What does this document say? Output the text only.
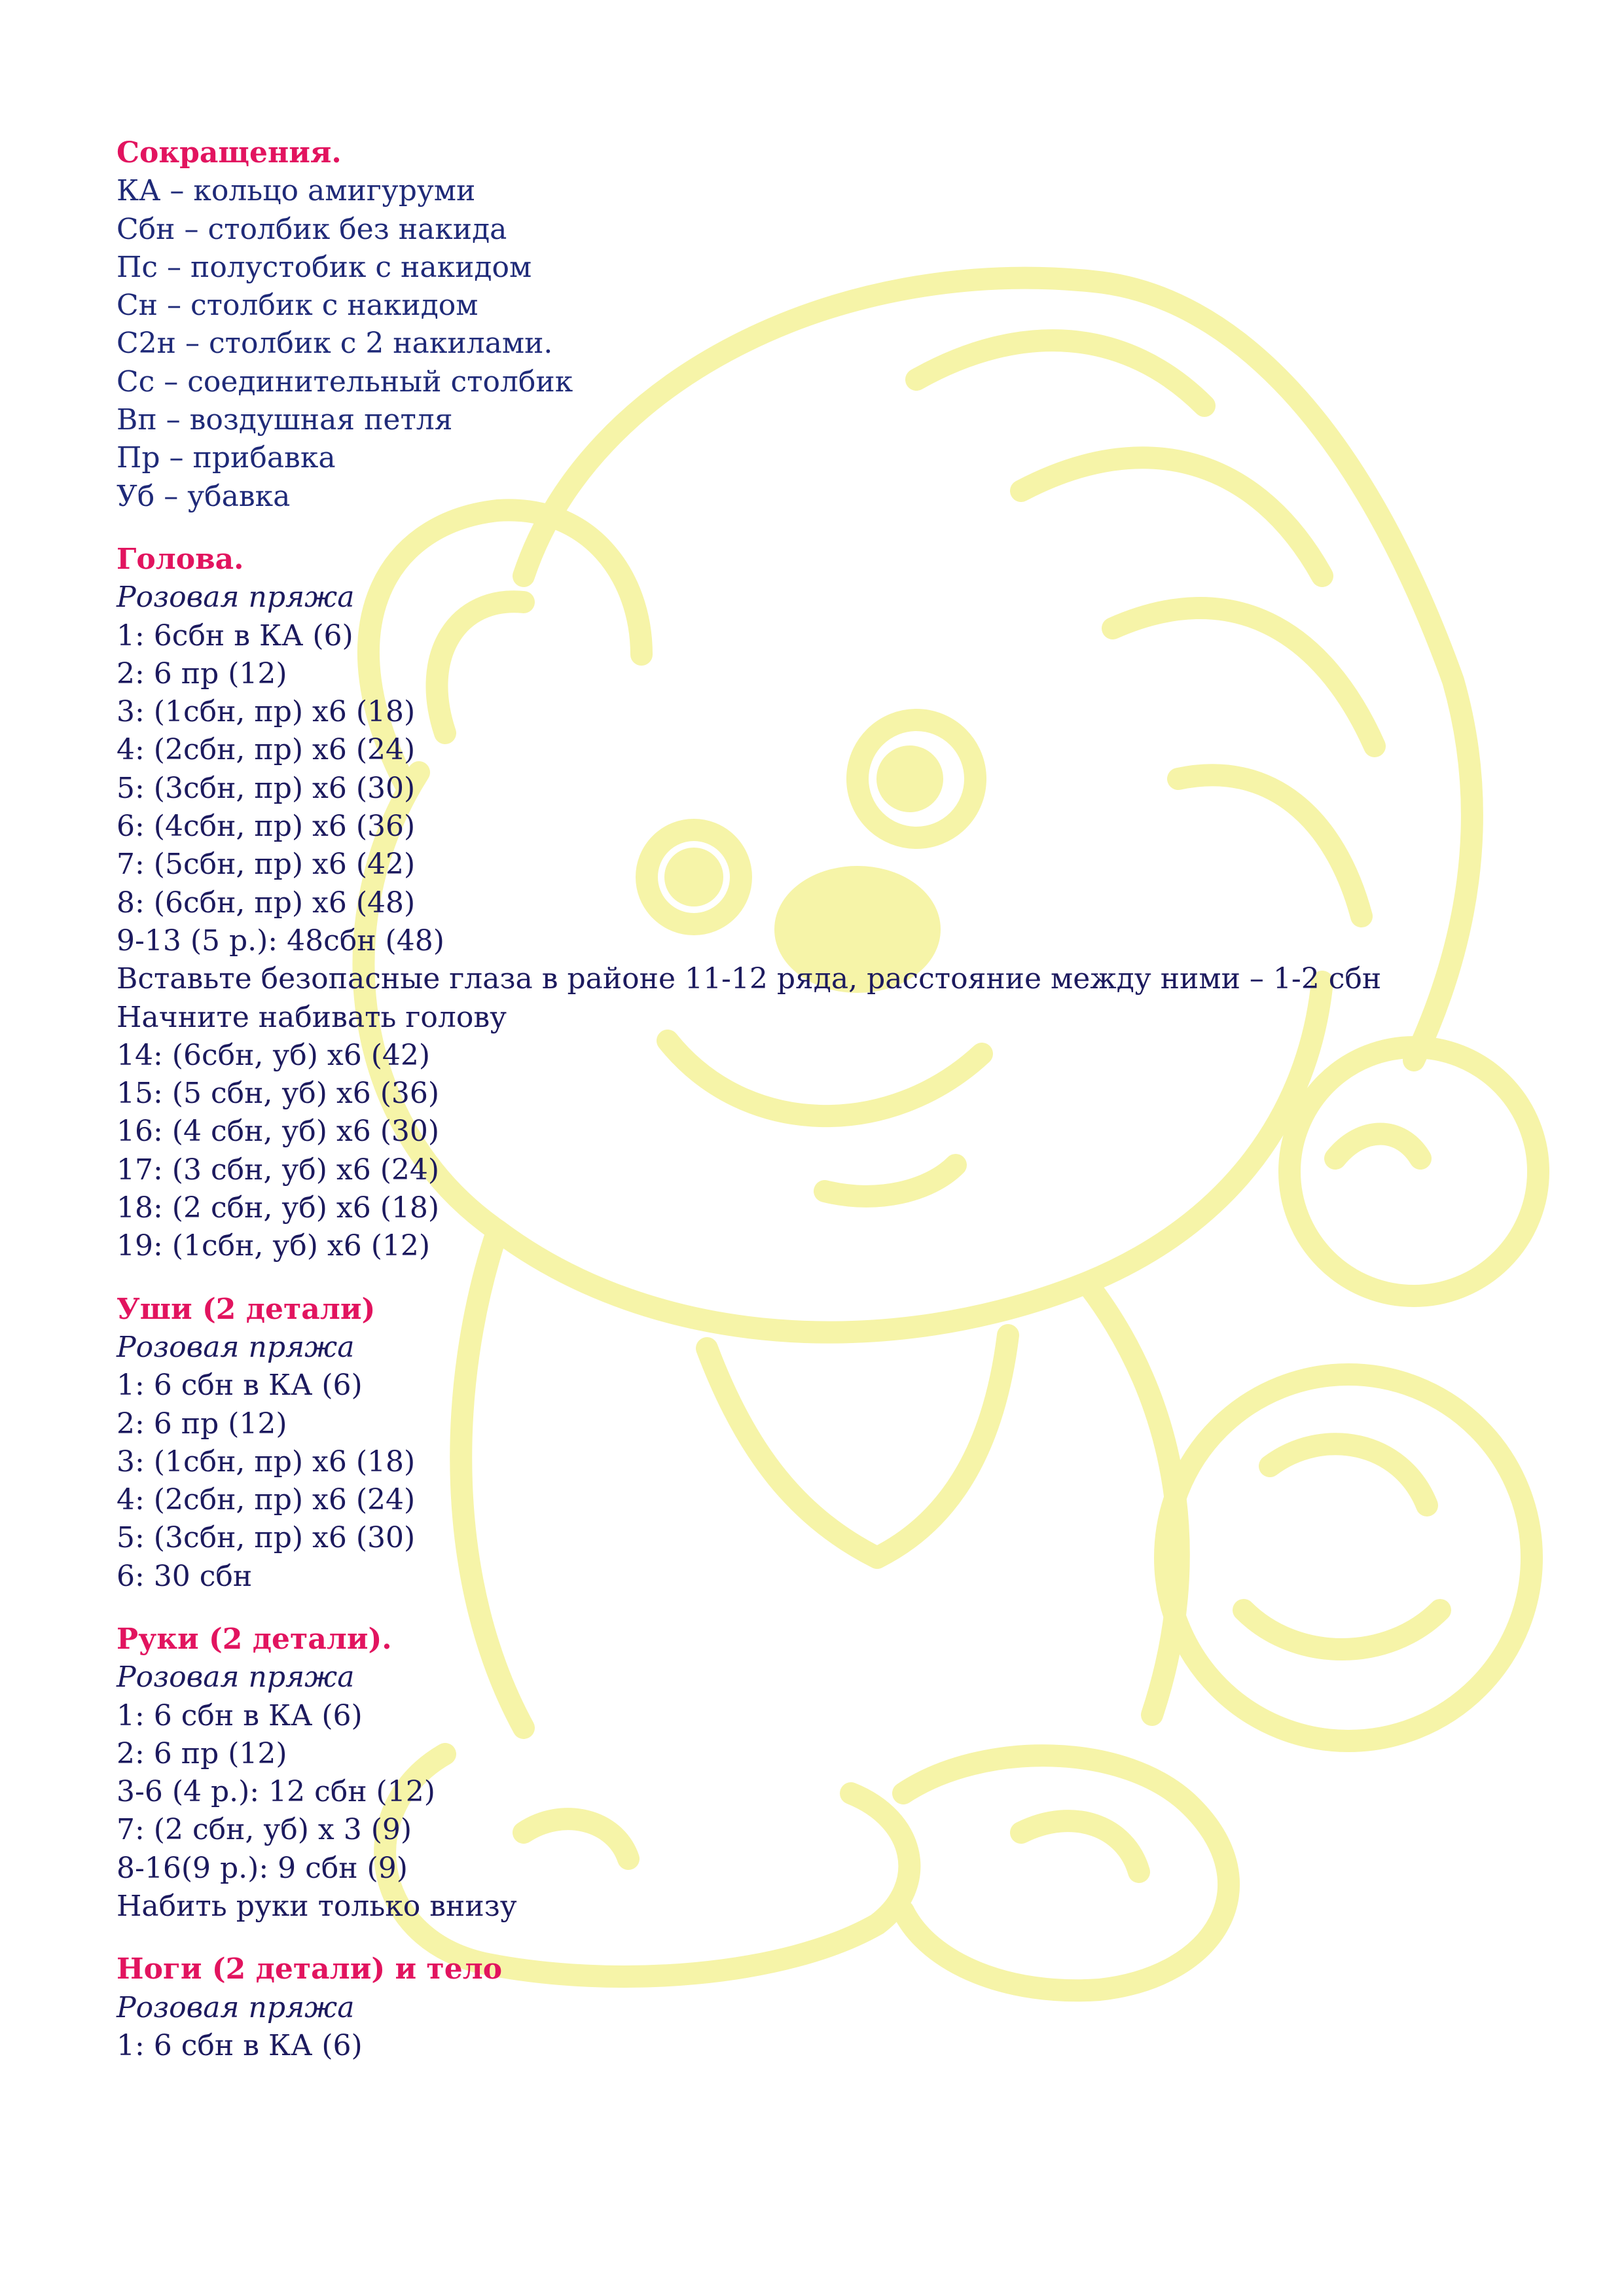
Сокращения.
КА – кольцо амигуруми
Сбн – столбик без накида
Пс – полустобик с накидом
Сн – столбик с накидом
С2н – столбик с 2 накилами.
Сс – соединительный столбик
Вп – воздушная петля
Пр – прибавка
Уб – убавка
Голова.
Розовая пряжа
1: 6сбн в КА (6)
2: 6 пр (12)
3: (1сбн, пр) х6 (18)
4: (2сбн, пр) х6 (24)
5: (3сбн, пр) х6 (30)
6: (4сбн, пр) х6 (36)
7: (5сбн, пр) х6 (42)
8: (6сбн, пр) х6 (48)
9-13 (5 р.): 48сбн (48)
Вставьте безопасные глаза в районе 11-12 ряда, расстояние между ними – 1-2 сбн
Начните набивать голову
14: (6сбн, уб) х6 (42)
15: (5 сбн, уб) х6 (36)
16: (4 сбн, уб) х6 (30)
17: (3 сбн, уб) х6 (24)
18: (2 сбн, уб) х6 (18)
19: (1сбн, уб) х6 (12)
Уши (2 детали)
Розовая пряжа
1: 6 сбн в КА (6)
2: 6 пр (12)
3: (1сбн, пр) х6 (18)
4: (2сбн, пр) х6 (24)
5: (3сбн, пр) х6 (30)
6: 30 сбн
Руки (2 детали).
Розовая пряжа
1: 6 сбн в КА (6)
2: 6 пр (12)
3-6 (4 р.): 12 сбн (12)
7: (2 сбн, уб) х 3 (9)
8-16(9 р.): 9 сбн (9)
Набить руки только внизу
Ноги (2 детали) и тело
Розовая пряжа
1: 6 сбн в КА (6)
